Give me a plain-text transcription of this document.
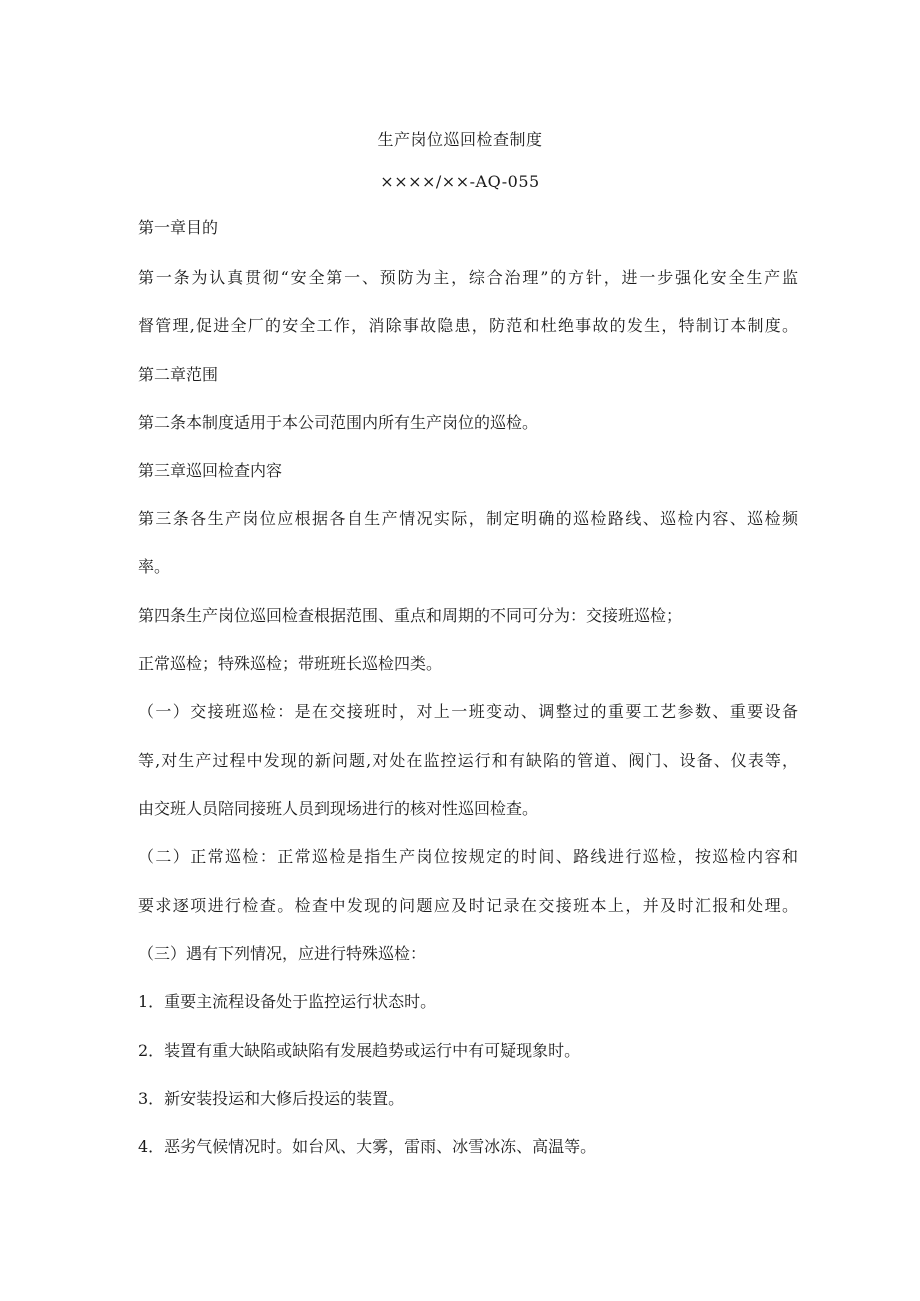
生产岗位巡回检查制度
××××/××-AQ-055
第一章目的
第一条为认真贯彻“安全第一、预防为主，综合治理”的方针，进一步强化安全生产监
督管理,促进全厂的安全工作，消除事故隐患，防范和杜绝事故的发生，特制订本制度。
第二章范围
第二条本制度适用于本公司范围内所有生产岗位的巡检。
第三章巡回检查内容
第三条各生产岗位应根据各自生产情况实际，制定明确的巡检路线、巡检内容、巡检频
率。
第四条生产岗位巡回检查根据范围、重点和周期的不同可分为：交接班巡检；
正常巡检；特殊巡检；带班班长巡检四类。
（一）交接班巡检：是在交接班时，对上一班变动、调整过的重要工艺参数、重要设备
等,对生产过程中发现的新问题,对处在监控运行和有缺陷的管道、阀门、设备、仪表等，
由交班人员陪同接班人员到现场进行的核对性巡回检查。
（二）正常巡检：正常巡检是指生产岗位按规定的时间、路线进行巡检，按巡检内容和
要求逐项进行检查。检查中发现的问题应及时记录在交接班本上，并及时汇报和处理。
（三）遇有下列情况，应进行特殊巡检：
1．重要主流程设备处于监控运行状态时。
2．装置有重大缺陷或缺陷有发展趋势或运行中有可疑现象时。
3．新安装投运和大修后投运的装置。
4．恶劣气候情况时。如台风、大雾，雷雨、冰雪冰冻、高温等。
